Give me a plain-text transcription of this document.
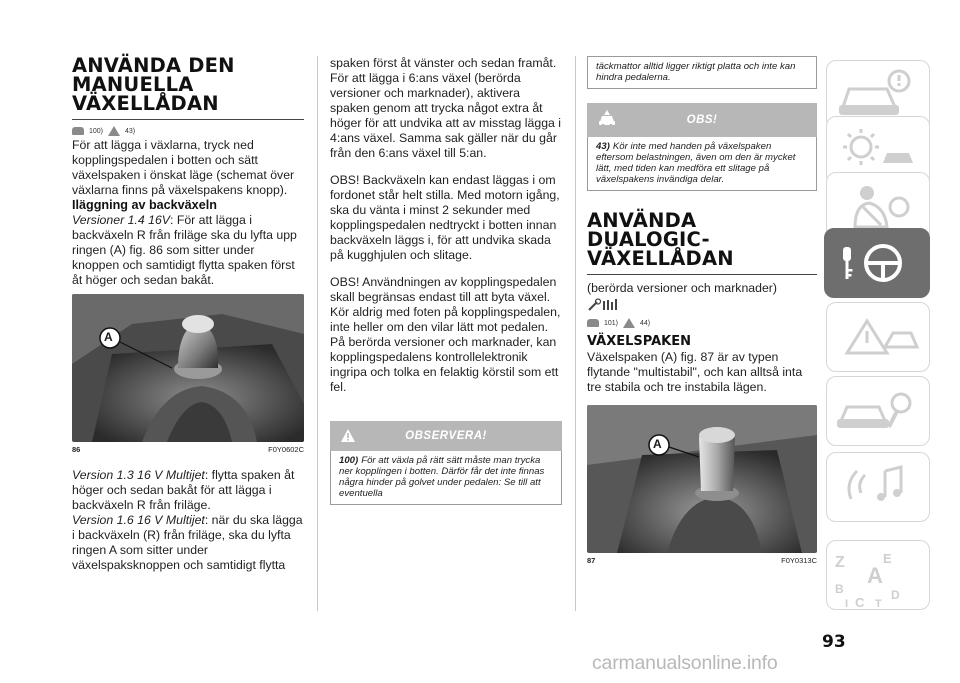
ANVÄNDA DEN
MANUELLA
VÄXELLÅDAN
100)	43)

För att lägga i växlarna, tryck ned kopplingspedalen i botten och sätt växelspaken i önskat läge (schemat över växlarna finns på växelspakens knopp).

Iläggning av backväxeln

Versioner 1.4 16V: För att lägga i backväxeln R från friläge ska du lyfta upp ringen (A) fig. 86 som sitter under knoppen och samtidigt flytta spaken först åt höger och sedan bakåt.

A
86	F0Y0602C

Version 1.3 16 V Multijet: flytta spaken åt höger och sedan bakåt för att lägga i backväxeln R från friläge.

Version 1.6 16 V Multijet: när du ska lägga i backväxeln (R) från friläge, ska du lyfta ringen A som sitter under växelspaksknoppen och samtidigt flytta

spaken först åt vänster och sedan framåt.

För att lägga i 6:ans växel (berörda versioner och marknader), aktivera spaken genom att trycka något extra åt höger för att undvika att av misstag lägga i 4:ans växel. Samma sak gäller när du går från den 6:ans växel till 5:an.

OBS! Backväxeln kan endast läggas i om fordonet står helt stilla. Med motorn igång, ska du vänta i minst 2 sekunder med kopplingspedalen nedtryckt i botten innan backväxeln läggs i, för att undvika skada på kugghjulen och slitage.

OBS! Användningen av kopplingspedalen skall begränsas endast till att byta växel. Kör aldrig med foten på kopplingspedalen, inte heller om den vilar lätt mot pedalen. På berörda versioner och marknader, kan kopplingspedalens kontrollelektronik ingripa och tolka en felaktig körstil som ett fel.

OBSERVERA!
100) För att växla på rätt sätt måste man trycka ner kopplingen i botten. Därför får det inte finnas några hinder på golvet under pedalen: Se till att eventuella
täckmattor alltid ligger riktigt platta och inte kan hindra pedalerna.
OBS!
43) Kör inte med handen på växelspaken eftersom belastningen, även om den är mycket lätt, med tiden kan medföra ett slitage på växelspakens invändiga delar.
ANVÄNDA
DUALOGIC-
VÄXELLÅDAN

(berörda versioner och marknader)

101)	44)
VÄXELSPAKEN

Växelspaken (A) fig. 87 är av typen flytande "multistabil", och kan alltså inta tre stabila och tre instabila lägen.

A
87	F0Y0313C
93
carmanualsonline.info
Z	E
A
B
C D
I T
